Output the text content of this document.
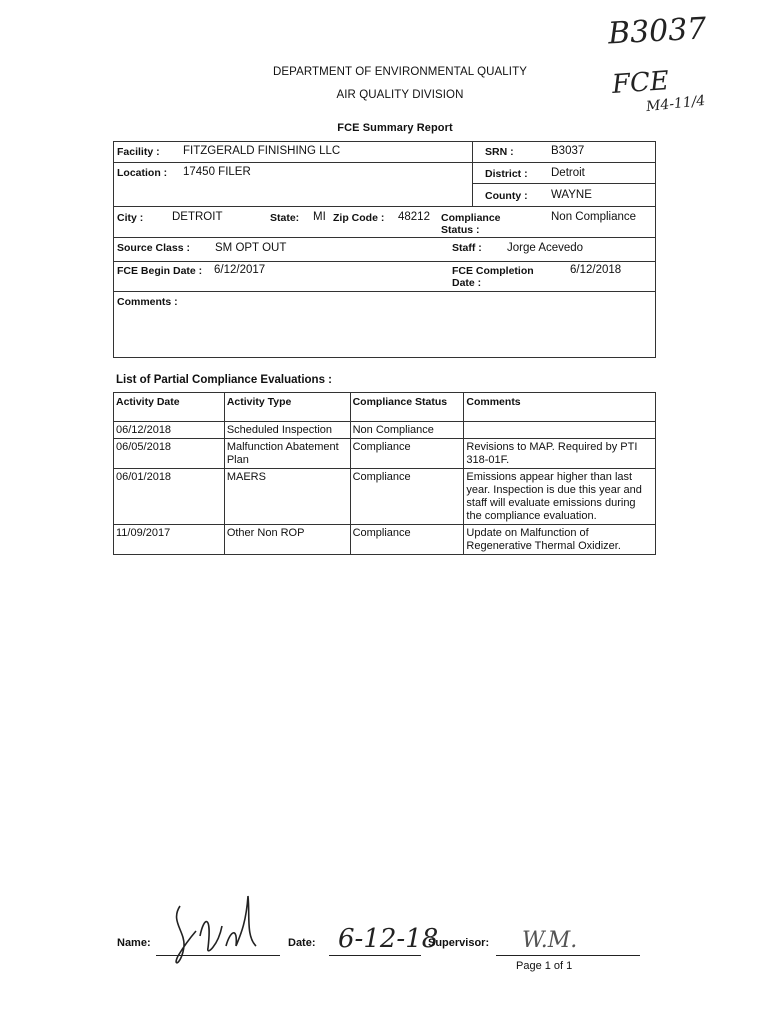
B3037
FCE
M4-11/4
DEPARTMENT OF ENVIRONMENTAL QUALITY
AIR QUALITY DIVISION
FCE Summary Report
Facility : FITZGERALD FINISHING LLC	SRN :	B3037
Location : 17450 FILER	District : Detroit
County : WAYNE
City :	DETROIT	State: MI Zip Code : 48212 Compliance
Status :
Non Compliance
Source Class : SM OPT OUT	Staff : Jorge Acevedo
FCE Begin Date : 6/12/2017	FCE Completion
Date :
6/12/2018
Comments :
List of Partial Compliance Evaluations :
Activity Date	Activity Type	Compliance Status	Comments
06/12/2018	Scheduled Inspection	Non Compliance	
06/05/2018	Malfunction Abatement Plan	Compliance	Revisions to MAP. Required by PTI 318-01F.
06/01/2018	MAERS	Compliance	Emissions appear higher than last year. Inspection is due this year and staff will evaluate emissions during the compliance evaluation.
11/09/2017	Other Non ROP	Compliance	Update on Malfunction of Regenerative Thermal Oxidizer.
Name:	Date: 6-12-18
Supervisor: W.M.
Page 1 of 1
